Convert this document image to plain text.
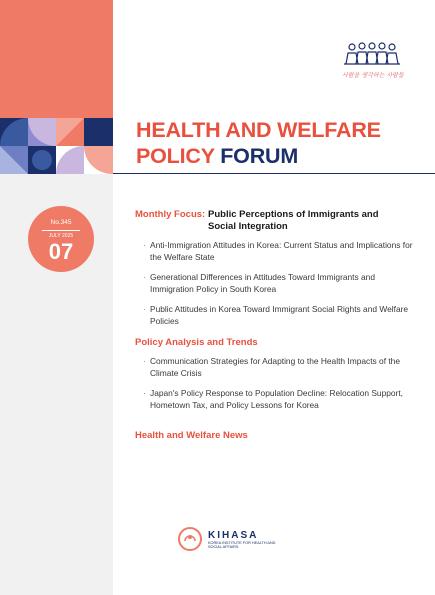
사람을 생각하는 사람들
HEALTH AND WELFARE
POLICY FORUM
No.345
JULY 2025
07
Monthly Focus: Public Perceptions of Immigrants and Social Integration
· Anti-Immigration Attitudes in Korea: Current Status and Implications for the Welfare State
· Generational Differences in Attitudes Toward Immigrants and Immigration Policy in South Korea
· Public Attitudes in Korea Toward Immigrant Social Rights and Welfare Policies
Policy Analysis and Trends
· Communication Strategies for Adapting to the Health Impacts of the Climate Crisis
· Japan's Policy Response to Population Decline: Relocation Support, Hometown Tax, and Policy Lessons for Korea
Health and Welfare News
KIHASA
KOREA INSTITUTE FOR HEALTH AND SOCIAL AFFAIRS
